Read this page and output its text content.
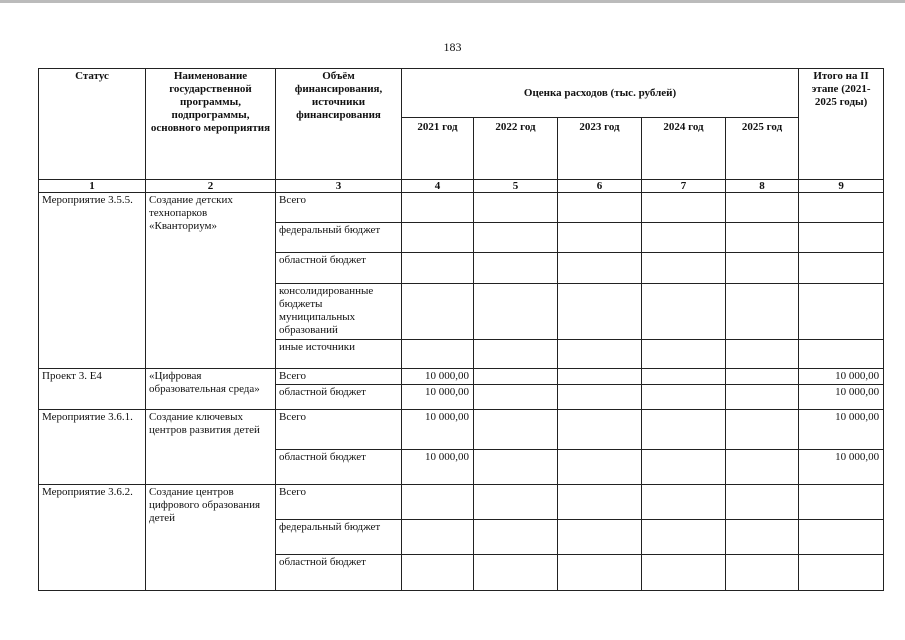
183
Статус	Наименование государственной программы, подпрограммы, основного мероприятия	Объём финансирования, источники финансирования	Оценка расходов (тыс. рублей)					Итого на II этапе (2021-2025 годы)
			2021 год	2022 год	2023 год	2024 год	2025 год	
1	2	3	4	5	6	7	8	9
Мероприятие 3.5.5.	Создание детских технопарков «Кванториум»	Всего						
		федеральный бюджет						
		областной бюджет						
		консолидированные бюджеты муниципальных образований						
		иные источники						
Проект 3. Е4	«Цифровая образовательная среда»	Всего	10 000,00					10 000,00
		областной бюджет	10 000,00					10 000,00
Мероприятие 3.6.1.	Создание ключевых центров развития детей	Всего	10 000,00					10 000,00
		областной бюджет	10 000,00					10 000,00
Мероприятие 3.6.2.	Создание центров цифрового образования детей	Всего						
		федеральный бюджет						
		областной бюджет						
